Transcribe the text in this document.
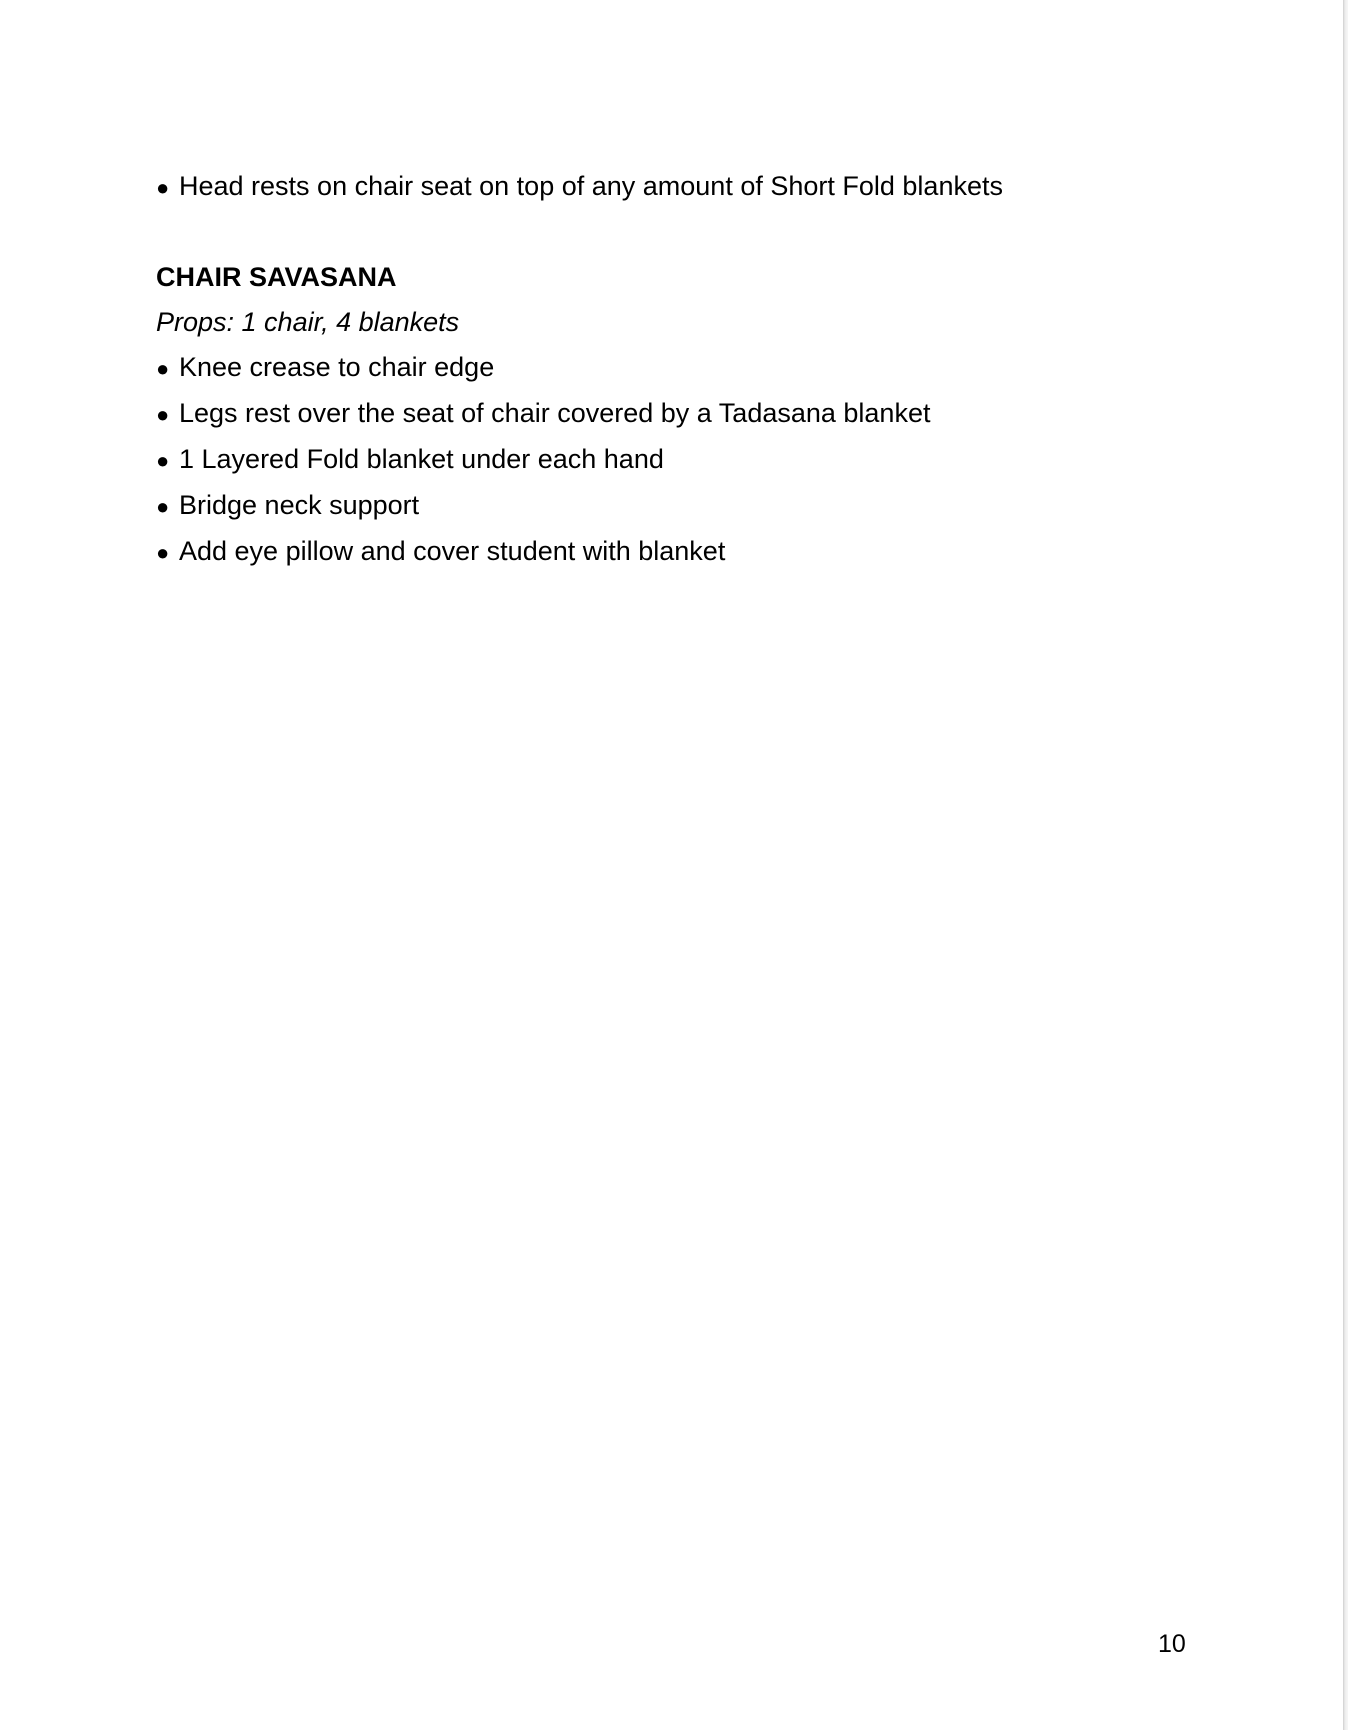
● Head rests on chair seat on top of any amount of Short Fold blankets
CHAIR SAVASANA
Props: 1 chair, 4 blankets
● Knee crease to chair edge
● Legs rest over the seat of chair covered by a Tadasana blanket
● 1 Layered Fold blanket under each hand
● Bridge neck support
● Add eye pillow and cover student with blanket
10
